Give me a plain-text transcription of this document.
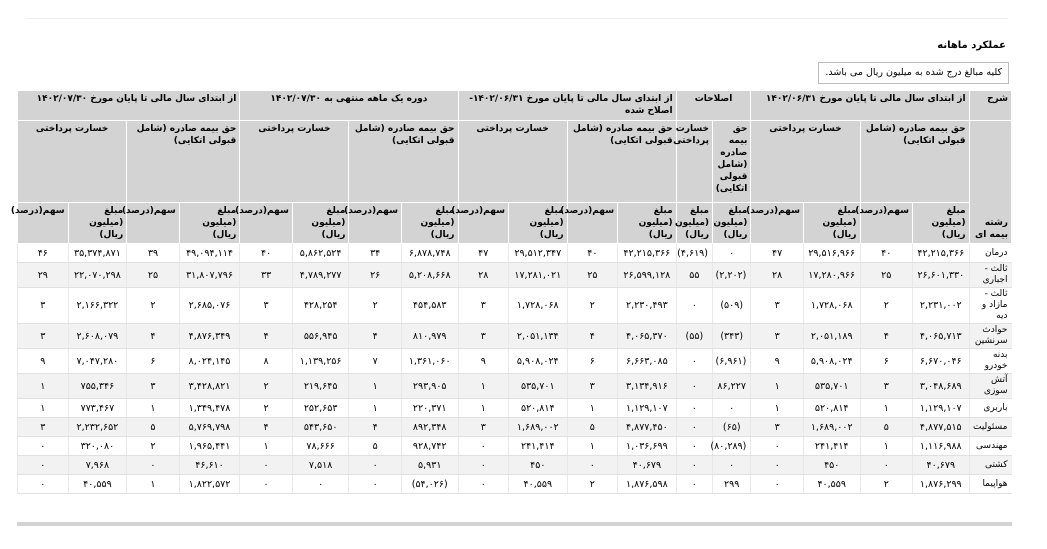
عملکرد ماهانه
کلیه مبالغ درج شده به میلیون ریال می باشد.
شرح	از ابتدای سال مالی تا پایان مورخ ۱۴۰۲/۰۶/۳۱				اصلاحات		از ابتدای سال مالی تا پایان مورخ ۱۴۰۲/۰۶/۳۱-اصلاح شده				دوره یک ماهه منتهی به ۱۴۰۲/۰۷/۳۰				از ابتدای سال مالی تا پایان مورخ ۱۴۰۲/۰۷/۳۰			
رشته بیمه ای	حق بیمه صادره (شامل قبولی اتکایی)		خسارت پرداختی		حق بیمه صادره (شامل قبولی اتکایی)	خسارت پرداختی	حق بیمه صادره (شامل قبولی اتکایی)		خسارت پرداختی		حق بیمه صادره (شامل قبولی اتکایی)		خسارت پرداختی		حق بیمه صادره (شامل قبولی اتکایی)		خسارت پرداختی	
	مبلغ (میلیون ریال)	سهم(درصد)	مبلغ (میلیون ریال)	سهم(درصد)	مبلغ (میلیون ریال)	مبلغ (میلیون ریال)	مبلغ (میلیون ریال)	سهم(درصد)	مبلغ (میلیون ریال)	سهم(درصد)	مبلغ (میلیون ریال)	سهم(درصد)	مبلغ (میلیون ریال)	سهم(درصد)	مبلغ (میلیون ریال)	سهم(درصد)	مبلغ (میلیون ریال)	سهم(درصد)
درمان	۴۲,۲۱۵,۳۶۶	۴۰	۲۹,۵۱۶,۹۶۶	۴۷	۰	(۴,۶۱۹)	۴۲,۲۱۵,۳۶۶	۴۰	۲۹,۵۱۲,۳۴۷	۴۷	۶,۸۷۸,۷۴۸	۳۴	۵,۸۶۲,۵۲۴	۴۰	۴۹,۰۹۴,۱۱۴	۳۹	۳۵,۳۷۴,۸۷۱	۴۶
ثالث - اجباری	۲۶,۶۰۱,۳۳۰	۲۵	۱۷,۲۸۰,۹۶۶	۲۸	(۲,۲۰۲)	۵۵	۲۶,۵۹۹,۱۲۸	۲۵	۱۷,۲۸۱,۰۲۱	۲۸	۵,۲۰۸,۶۶۸	۲۶	۴,۷۸۹,۲۷۷	۳۳	۳۱,۸۰۷,۷۹۶	۲۵	۲۲,۰۷۰,۲۹۸	۲۹
ثالث - مازاد و دیه	۲,۲۳۱,۰۰۲	۲	۱,۷۲۸,۰۶۸	۳	(۵۰۹)	۰	۲,۲۳۰,۴۹۳	۲	۱,۷۲۸,۰۶۸	۳	۴۵۴,۵۸۳	۲	۴۲۸,۲۵۴	۳	۲,۶۸۵,۰۷۶	۲	۲,۱۶۶,۳۲۲	۳
حوادث سرنشین	۴,۰۶۵,۷۱۳	۴	۲,۰۵۱,۱۸۹	۳	(۳۴۳)	(۵۵)	۴,۰۶۵,۳۷۰	۴	۲,۰۵۱,۱۳۴	۳	۸۱۰,۹۷۹	۴	۵۵۶,۹۴۵	۴	۴,۸۷۶,۳۴۹	۴	۲,۶۰۸,۰۷۹	۳
بدنه خودرو	۶,۶۷۰,۰۴۶	۶	۵,۹۰۸,۰۲۴	۹	(۶,۹۶۱)	۰	۶,۶۶۳,۰۸۵	۶	۵,۹۰۸,۰۲۴	۹	۱,۳۶۱,۰۶۰	۷	۱,۱۳۹,۲۵۶	۸	۸,۰۲۴,۱۴۵	۶	۷,۰۴۷,۲۸۰	۹
آتش سوزی	۳,۰۴۸,۶۸۹	۳	۵۳۵,۷۰۱	۱	۸۶,۲۲۷	۰	۳,۱۳۴,۹۱۶	۳	۵۳۵,۷۰۱	۱	۲۹۳,۹۰۵	۱	۲۱۹,۶۴۵	۲	۳,۴۲۸,۸۲۱	۳	۷۵۵,۳۴۶	۱
باربری	۱,۱۲۹,۱۰۷	۱	۵۲۰,۸۱۴	۱	۰	۰	۱,۱۲۹,۱۰۷	۱	۵۲۰,۸۱۴	۱	۲۲۰,۳۷۱	۱	۲۵۲,۶۵۳	۲	۱,۳۴۹,۴۷۸	۱	۷۷۳,۴۶۷	۱
مسئولیت	۴,۸۷۷,۵۱۵	۵	۱,۶۸۹,۰۰۲	۳	(۶۵)	۰	۴,۸۷۷,۴۵۰	۵	۱,۶۸۹,۰۰۲	۳	۸۹۲,۳۴۸	۴	۵۴۳,۶۵۰	۴	۵,۷۶۹,۷۹۸	۵	۲,۲۳۲,۶۵۲	۳
مهندسی	۱,۱۱۶,۹۸۸	۱	۲۴۱,۴۱۴	۰	(۸۰,۲۸۹)	۰	۱,۰۳۶,۶۹۹	۱	۲۴۱,۴۱۴	۰	۹۲۸,۷۴۲	۵	۷۸,۶۶۶	۱	۱,۹۶۵,۴۴۱	۲	۳۲۰,۰۸۰	۰
کشتی	۴۰,۶۷۹	۰	۴۵۰	۰	۰	۰	۴۰,۶۷۹	۰	۴۵۰	۰	۵,۹۳۱	۰	۷,۵۱۸	۰	۴۶,۶۱۰	۰	۷,۹۶۸	۰
هواپیما	۱,۸۷۶,۲۹۹	۲	۴۰,۵۵۹	۰	۲۹۹	۰	۱,۸۷۶,۵۹۸	۲	۴۰,۵۵۹	۰	(۵۴,۰۲۶)	۰	۰	۰	۱,۸۲۲,۵۷۲	۱	۴۰,۵۵۹	۰
